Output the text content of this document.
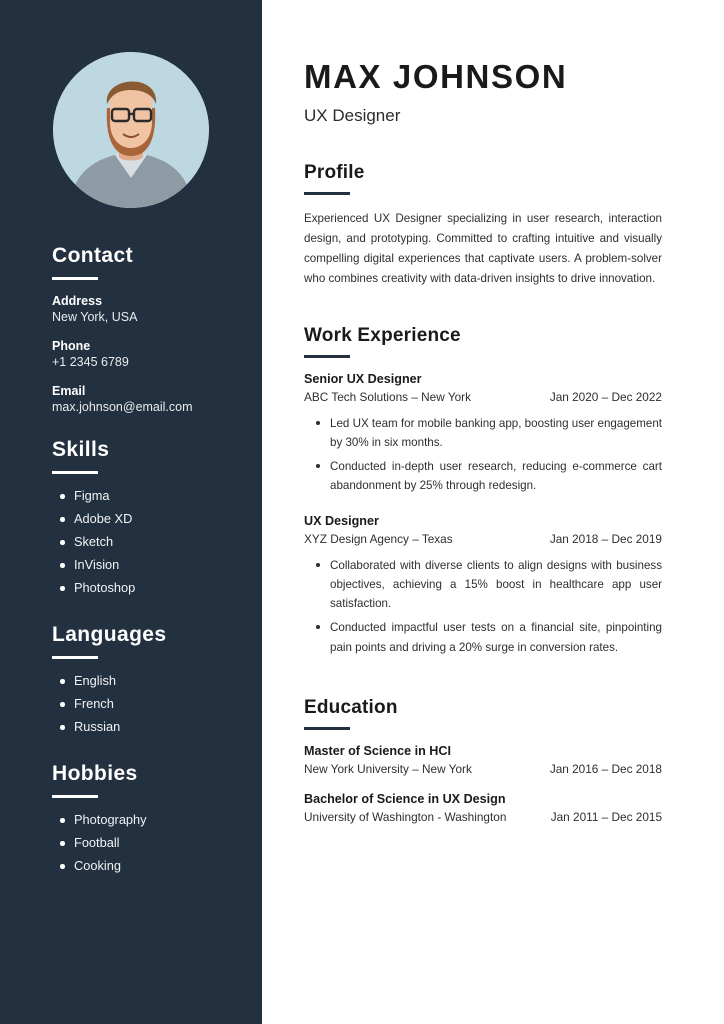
Contact

Address

New York, USA

Phone

+1 2345 6789

Email

max.johnson@email.com

Skills
Figma
Adobe XD
Sketch
InVision
Photoshop
Languages
English
French
Russian
Hobbies
Photography
Football
Cooking
MAX JOHNSON

UX Designer

Profile

Experienced UX Designer specializing in user research, interaction design, and prototyping. Committed to crafting intuitive and visually compelling digital experiences that captivate users. A problem-solver who combines creativity with data-driven insights to drive innovation.

Work Experience

Senior UX Designer

ABC Tech Solutions – New York	Jan 2020 – Dec 2022
Led UX team for mobile banking app, boosting user engagement by 30% in six months.
Conducted in-depth user research, reducing e-commerce cart abandonment by 25% through redesign.

UX Designer

XYZ Design Agency – Texas	Jan 2018 – Dec 2019
Collaborated with diverse clients to align designs with business objectives, achieving a 15% boost in healthcare app user satisfaction.
Conducted impactful user tests on a financial site, pinpointing pain points and driving a 20% surge in conversion rates.
Education

Master of Science in HCI

New York University – New York	Jan 2016 – Dec 2018

Bachelor of Science in UX Design

University of Washington - Washington	Jan 2011 – Dec 2015
